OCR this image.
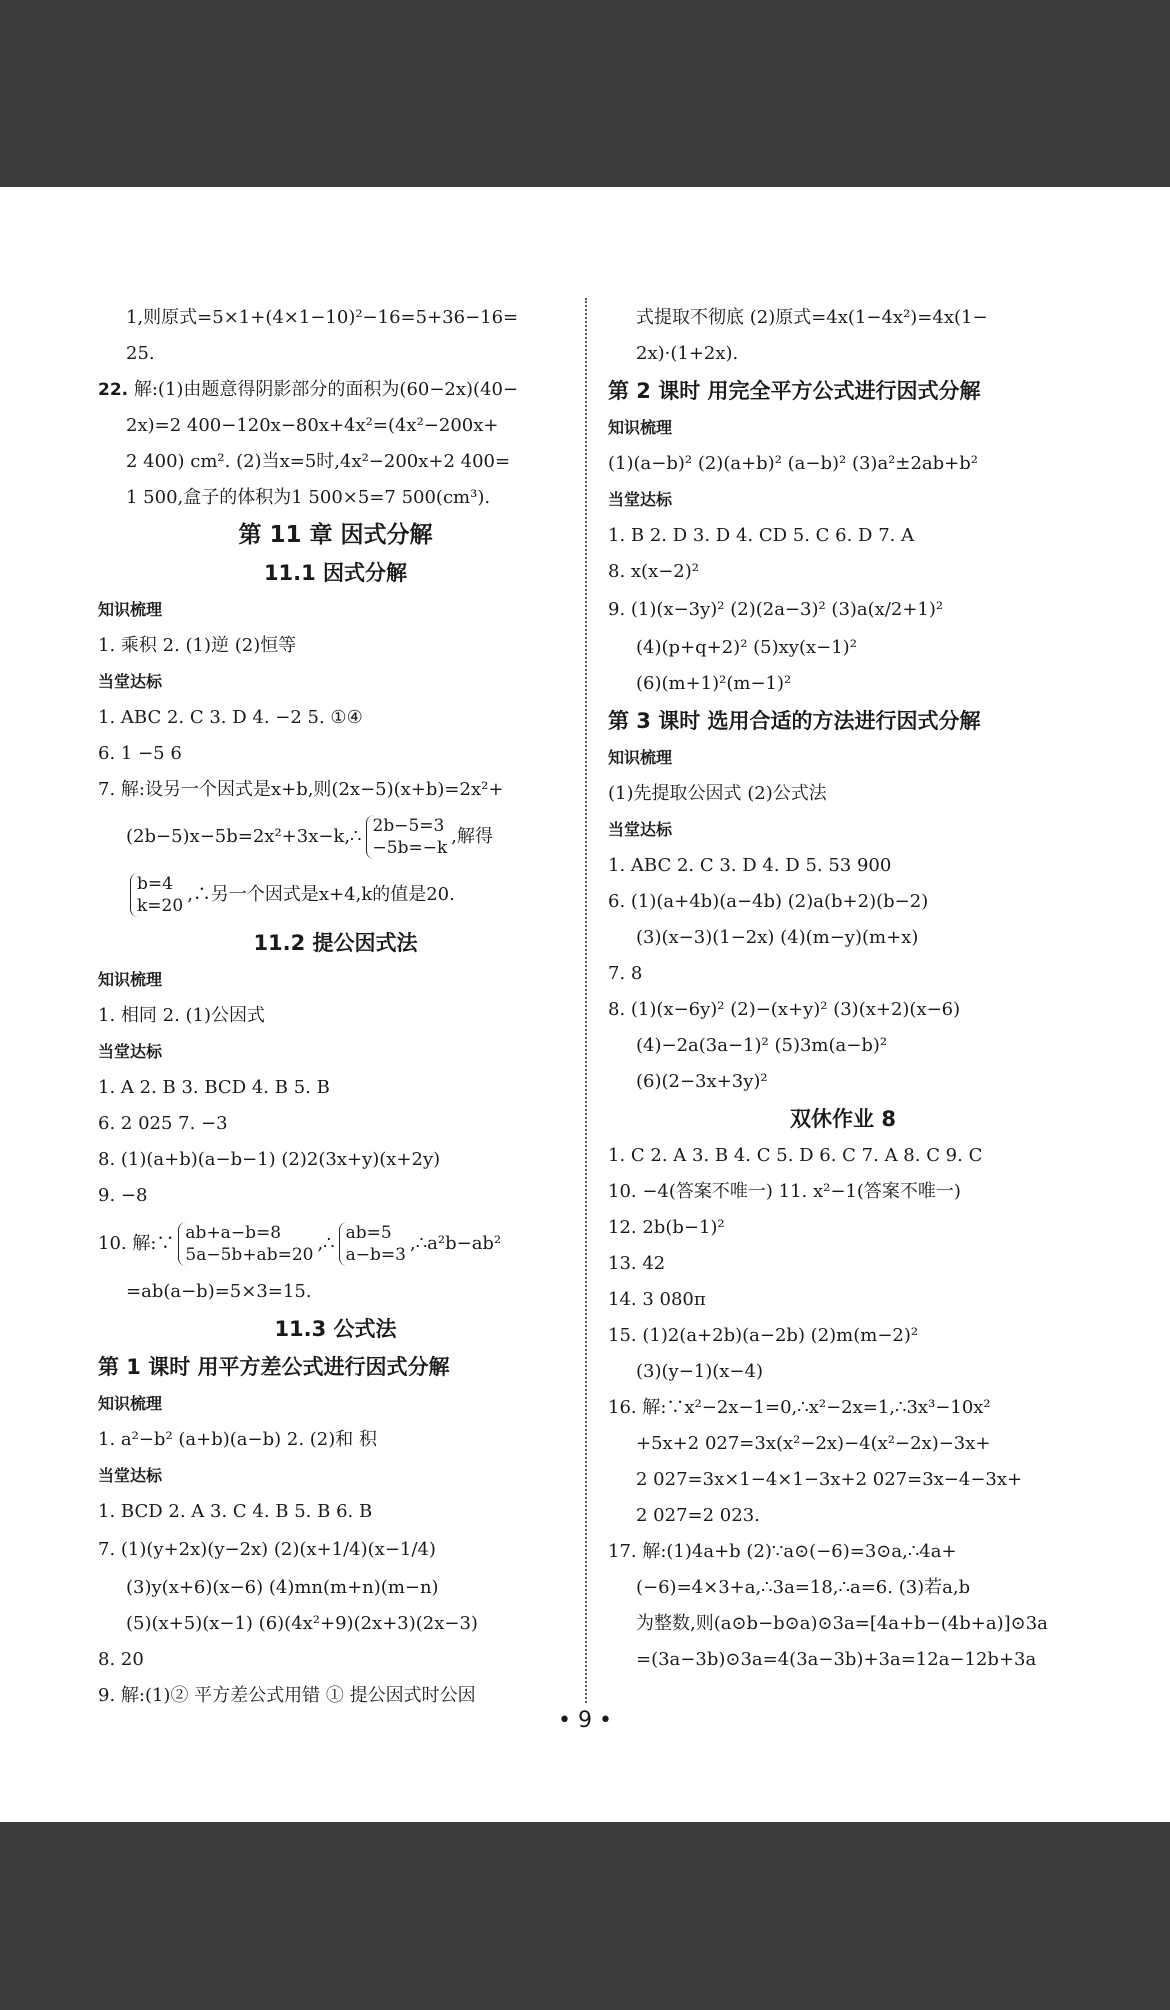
1,则原式=5×1+(4×1−10)²−16=5+36−16=
25.
22. 解:(1)由题意得阴影部分的面积为(60−2x)(40−
2x)=2 400−120x−80x+4x²=(4x²−200x+
2 400) cm². (2)当x=5时,4x²−200x+2 400=
1 500,盒子的体积为1 500×5=7 500(cm³).
第 11 章 因式分解
11.1 因式分解
知识梳理
1. 乘积 2. (1)逆 (2)恒等
当堂达标
1. ABC 2. C 3. D 4. −2 5. ①④
6. 1 −5 6
7. 解:设另一个因式是x+b,则(2x−5)(x+b)=2x²+
(2b−5)x−5b=2x²+3x−k,∴ 2b−5=3
−5b=−k
,解得
b=4
k=20
,∴另一个因式是x+4,k的值是20.
11.2 提公因式法
知识梳理
1. 相同 2. (1)公因式
当堂达标
1. A 2. B 3. BCD 4. B 5. B
6. 2 025 7. −3
8. (1)(a+b)(a−b−1) (2)2(3x+y)(x+2y)
9. −8
10. 解:∵ ab+a−b=8
5a−5b+ab=20
,∴ ab=5
a−b=3
,∴a²b−ab²
=ab(a−b)=5×3=15.
11.3 公式法
第 1 课时 用平方差公式进行因式分解
知识梳理
1. a²−b² (a+b)(a−b) 2. (2)和 积
当堂达标
1. BCD 2. A 3. C 4. B 5. B 6. B
7. (1)(y+2x)(y−2x) (2)(x+1/4)(x−1/4)
(3)y(x+6)(x−6) (4)mn(m+n)(m−n)
(5)(x+5)(x−1) (6)(4x²+9)(2x+3)(2x−3)
8. 20
9. 解:(1)② 平方差公式用错 ① 提公因式时公因
式提取不彻底 (2)原式=4x(1−4x²)=4x(1−
2x)·(1+2x).
第 2 课时 用完全平方公式进行因式分解
知识梳理
(1)(a−b)² (2)(a+b)² (a−b)² (3)a²±2ab+b²
当堂达标
1. B 2. D 3. D 4. CD 5. C 6. D 7. A
8. x(x−2)²
9. (1)(x−3y)² (2)(2a−3)² (3)a(x/2+1)²
(4)(p+q+2)² (5)xy(x−1)²
(6)(m+1)²(m−1)²
第 3 课时 选用合适的方法进行因式分解
知识梳理
(1)先提取公因式 (2)公式法
当堂达标
1. ABC 2. C 3. D 4. D 5. 53 900
6. (1)(a+4b)(a−4b) (2)a(b+2)(b−2)
(3)(x−3)(1−2x) (4)(m−y)(m+x)
7. 8
8. (1)(x−6y)² (2)−(x+y)² (3)(x+2)(x−6)
(4)−2a(3a−1)² (5)3m(a−b)²
(6)(2−3x+3y)²
双休作业 8
1. C 2. A 3. B 4. C 5. D 6. C 7. A 8. C 9. C
10. −4(答案不唯一) 11. x²−1(答案不唯一)
12. 2b(b−1)²
13. 42
14. 3 080π
15. (1)2(a+2b)(a−2b) (2)m(m−2)²
(3)(y−1)(x−4)
16. 解:∵x²−2x−1=0,∴x²−2x=1,∴3x³−10x²
+5x+2 027=3x(x²−2x)−4(x²−2x)−3x+
2 027=3x×1−4×1−3x+2 027=3x−4−3x+
2 027=2 023.
17. 解:(1)4a+b (2)∵a⊙(−6)=3⊙a,∴4a+
(−6)=4×3+a,∴3a=18,∴a=6. (3)若a,b
为整数,则(a⊙b−b⊙a)⊙3a=[4a+b−(4b+a)]⊙3a
=(3a−3b)⊙3a=4(3a−3b)+3a=12a−12b+3a
• 9 •
